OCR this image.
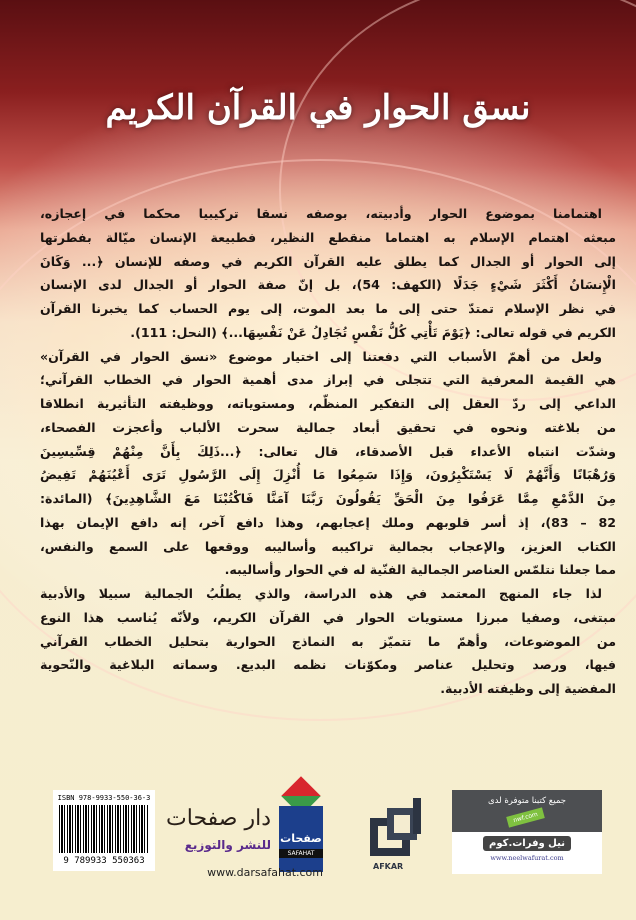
نسق الحوار في القرآن الكريم
اهتمامنا بموضوع الحوار وأدبيته، بوصفه نسقا تركيبيا محكما في إعجازه،
مبعثه اهتمام الإسلام به اهتماما منقطع النظير، فطبيعة الإنسان ميّالة بفطرتها
إلى الحوار أو الجدال كما يطلق عليه القرآن الكريم في وصفه للإنسان ﴿... وَكَانَ
الْإِنسَانُ أَكْثَرَ شَيْءٍ جَدَلًا (الكهف: 54)، بل إنّ صفة الحوار أو الجدال لدى الإنسان
في نظر الإسلام تمتدّ حتى إلى ما بعد الموت، إلى يوم الحساب كما يخبرنا القرآن
الكريم في قوله تعالى: ﴿يَوْمَ تَأْتِي كُلُّ نَفْسٍ تُجَادِلُ عَنْ نَفْسِهَا...﴾ (النحل: 111).
ولعل من أهمّ الأسباب التي دفعتنا إلى اختيار موضوع «نسق الحوار في القرآن»
هي القيمة المعرفية التي تتجلى في إبراز مدى أهمية الحوار في الخطاب القرآني؛
الداعي إلى ردّ العقل إلى التفكير المنظّم، ومستوياته، ووظيفته التأثيرية انطلاقا
من بلاغته ونحوه في تحقيق أبعاد جمالية سحرت الألباب وأعجزت الفصحاء،
وشدّت انتباه الأعداء قبل الأصدقاء، قال تعالى: ﴿...ذَلِكَ بِأَنَّ مِنْهُمْ قِسِّيسِينَ
وَرُهْبَانًا وَأَنَّهُمْ لَا يَسْتَكْبِرُونَ، وَإِذَا سَمِعُوا مَا أُنْزِلَ إِلَى الرَّسُولِ تَرَى أَعْيُنَهُمْ تَفِيضُ
مِنَ الدَّمْعِ مِمَّا عَرَفُوا مِنَ الْحَقِّ يَقُولُونَ رَبَّنَا آمَنَّا فَاكْتُبْنَا مَعَ الشَّاهِدِينَ﴾ (المائدة:
82 – 83)، إذ أسر قلوبهم وملك إعجابهم، وهذا دافع آخر، إنه دافع الإيمان بهذا
الكتاب العزيز، والإعجاب بجمالية تراكيبه وأساليبه ووقعها على السمع والنفس،
مما جعلنا نتلمّس العناصر الجمالية الفنّية له في الحوار وأساليبه.
لذا جاء المنهج المعتمد في هذه الدراسة، والذي يطلُبُ الجمالية سبيلا والأدبية
مبتغى، وصفيا مبرزا مستويات الحوار في القرآن الكريم، ولأنّه يُناسب هذا النوع
من الموضوعات، وأهمّ ما تتميّز به النماذج الحوارية بتحليل الخطاب القرآني
فيها، ورصد وتحليل عناصر ومكوّنات نظمه البديع. وسماته البلاغية والنّحوية
المفضية إلى وظيفته الأدبية.
ISBN 978-9933-550-36-3
9 789933 550363
صفحات
SAFAHAT
دار صفحات
للنشر والتوزيع
www.darsafahat.com	AFKAR
جميع كتبنا متوفرة لدى
nwf.com
نيل وفرات.كوم
www.neelwafurat.com
